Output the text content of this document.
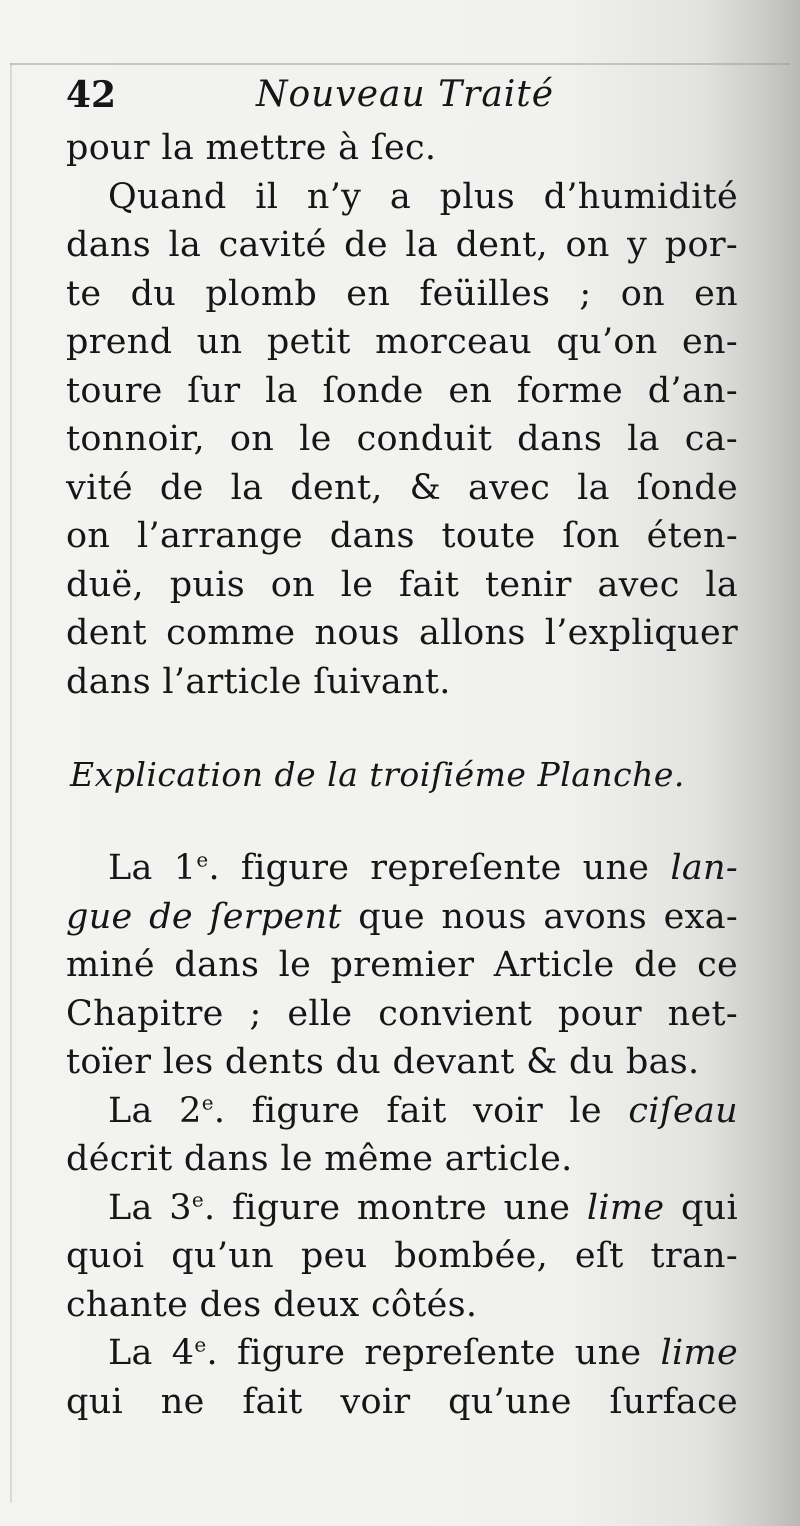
42	Nouveau Traité
pour la mettre à ſec.
Quand il n’y a plus d’humidité
dans la cavité de la dent, on y por-
te du plomb en feüilles ; on en
prend un petit morceau qu’on en-
toure ſur la ſonde en forme d’an-
tonnoir, on le conduit dans la ca-
vité de la dent, & avec la ſonde
on l’arrange dans toute ſon éten-
duë, puis on le fait tenir avec la
dent comme nous allons l’expliquer
dans l’article ſuivant.
Explication de la troiſiéme Planche.
La 1e. figure repreſente une lan-
gue de ſerpent que nous avons exa-
miné dans le premier Article de ce
Chapitre ; elle convient pour net-
toïer les dents du devant & du bas.
La 2e. figure fait voir le ciſeau
décrit dans le même article.
La 3e. figure montre une lime qui
quoi qu’un peu bombée, eſt tran-
chante des deux côtés.
La 4e. figure repreſente une lime
qui ne fait voir qu’une ſurface
